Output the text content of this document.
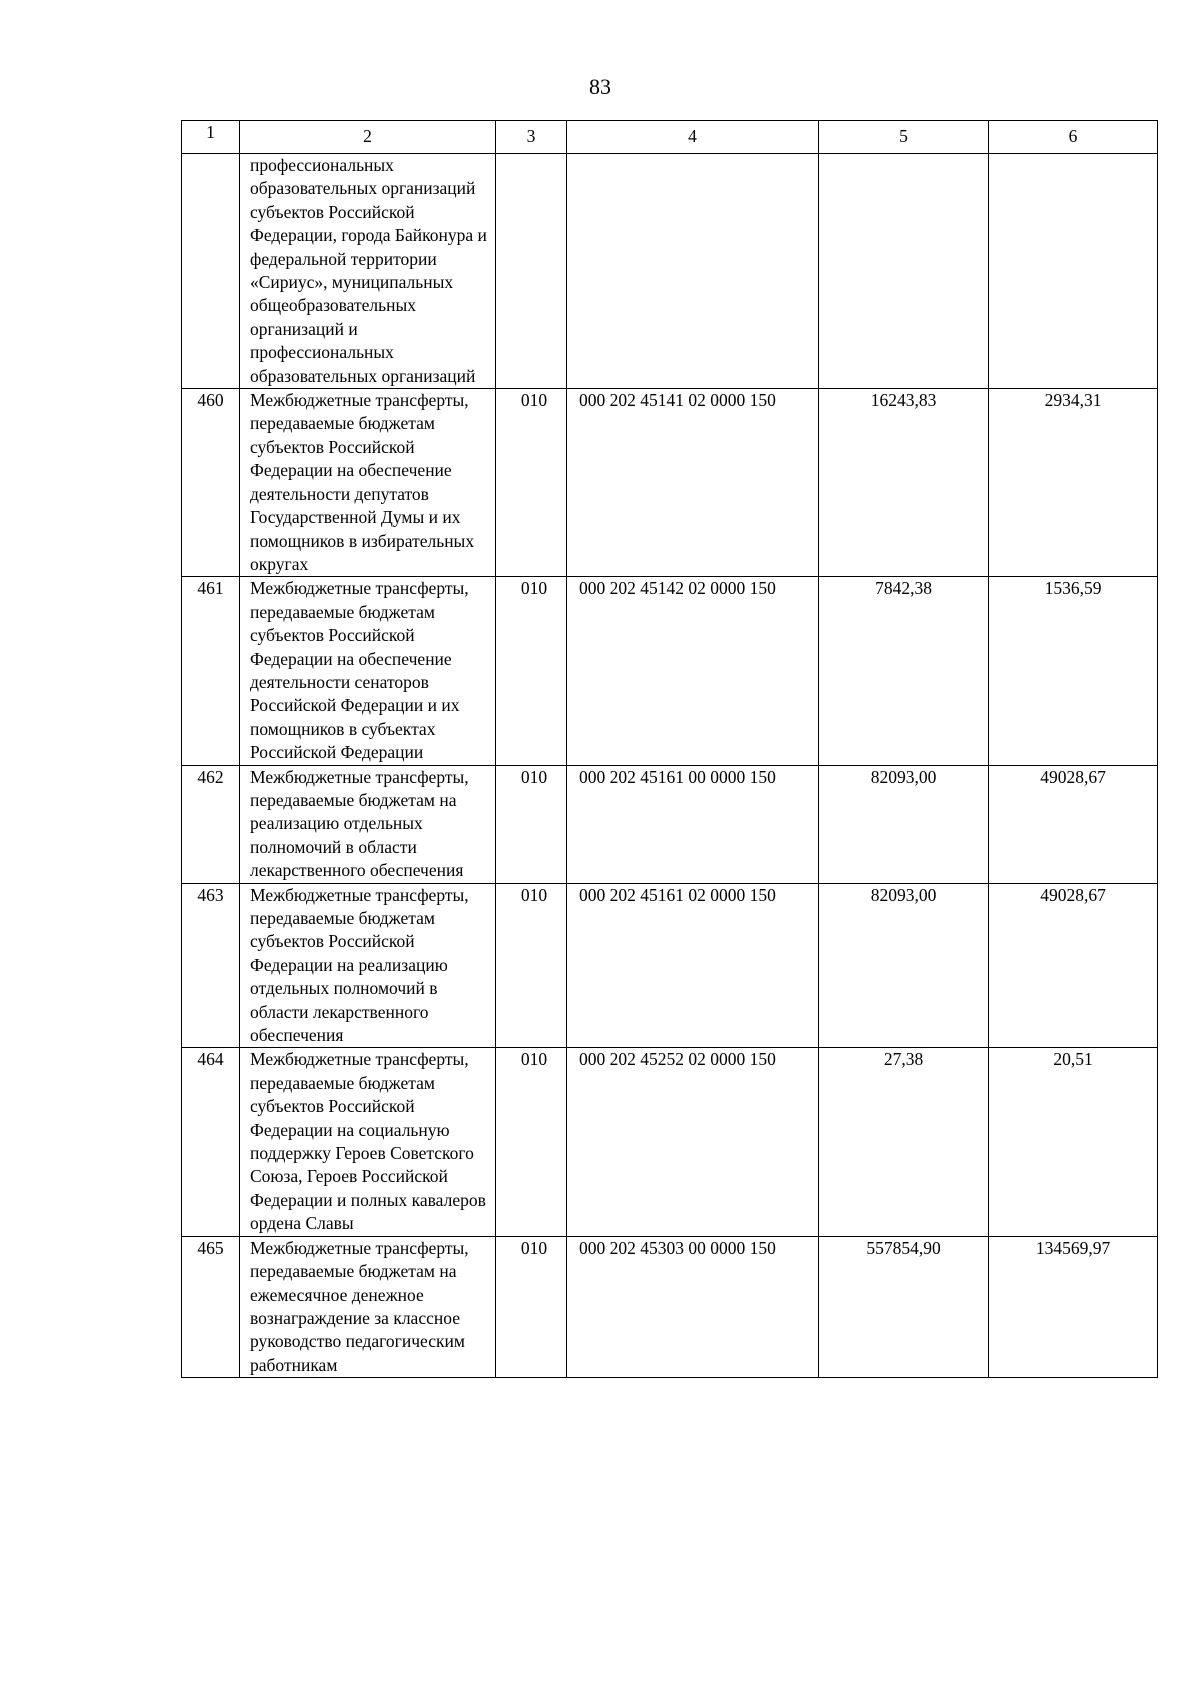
83
1	2	3	4	5	6
	профессиональных образовательных организаций субъектов Российской Федерации, города Байконура и федеральной территории «Сириус», муниципальных общеобразовательных организаций и профессиональных образовательных организаций				
460	Межбюджетные трансферты, передаваемые бюджетам субъектов Российской Федерации на обеспечение деятельности депутатов Государственной Думы и их помощников в избирательных округах	010	000 202 45141 02 0000 150	16243,83	2934,31
461	Межбюджетные трансферты, передаваемые бюджетам субъектов Российской Федерации на обеспечение деятельности сенаторов Российской Федерации и их помощников в субъектах Российской Федерации	010	000 202 45142 02 0000 150	7842,38	1536,59
462	Межбюджетные трансферты, передаваемые бюджетам на реализацию отдельных полномочий в области лекарственного обеспечения	010	000 202 45161 00 0000 150	82093,00	49028,67
463	Межбюджетные трансферты, передаваемые бюджетам субъектов Российской Федерации на реализацию отдельных полномочий в области лекарственного обеспечения	010	000 202 45161 02 0000 150	82093,00	49028,67
464	Межбюджетные трансферты, передаваемые бюджетам субъектов Российской Федерации на социальную поддержку Героев Советского Союза, Героев Российской Федерации и полных кавалеров ордена Славы	010	000 202 45252 02 0000 150	27,38	20,51
465	Межбюджетные трансферты, передаваемые бюджетам на ежемесячное денежное вознаграждение за классное руководство педагогическим работникам	010	000 202 45303 00 0000 150	557854,90	134569,97
